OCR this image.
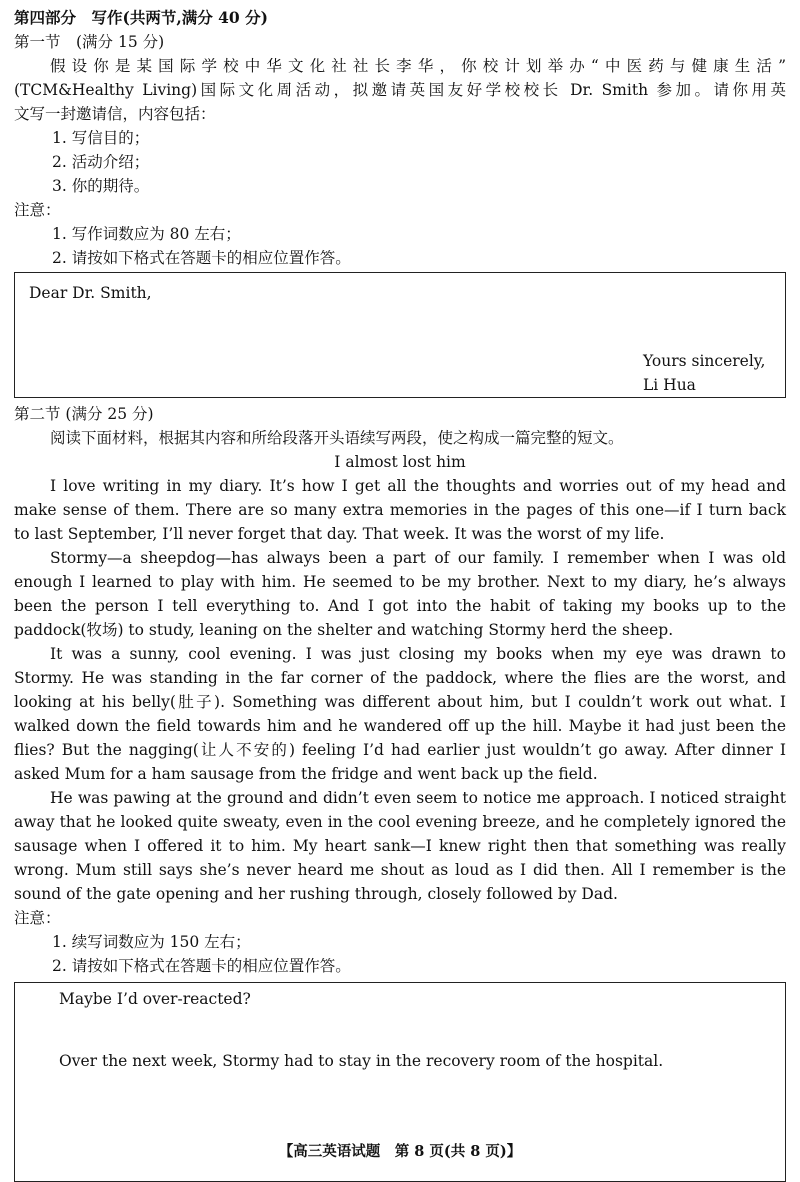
第四部分　写作(共两节,满分 40 分)
第一节　(满分 15 分)
假设你是某国际学校中华文化社社长李华，你校计划举办“中医药与健康生活”
(TCM&Healthy Living)国际文化周活动，拟邀请英国友好学校校长 Dr. Smith 参加。请你用英
文写一封邀请信，内容包括：
1. 写信目的；
2. 活动介绍；
3. 你的期待。
注意：
1. 写作词数应为 80 左右；
2. 请按如下格式在答题卡的相应位置作答。
Dear Dr. Smith,
Yours sincerely,
Li Hua
第二节 (满分 25 分)
阅读下面材料，根据其内容和所给段落开头语续写两段，使之构成一篇完整的短文。
I almost lost him
I love writing in my diary. It’s how I get all the thoughts and worries out of my head and
make sense of them. There are so many extra memories in the pages of this one—if I turn back
to last September, I’ll never forget that day. That week. It was the worst of my life.
Stormy—a sheepdog—has always been a part of our family. I remember when I was old
enough I learned to play with him. He seemed to be my brother. Next to my diary, he’s always
been the person I tell everything to. And I got into the habit of taking my books up to the
paddock(牧场) to study, leaning on the shelter and watching Stormy herd the sheep.
It was a sunny, cool evening. I was just closing my books when my eye was drawn to
Stormy. He was standing in the far corner of the paddock, where the flies are the worst, and
looking at his belly(肚子). Something was different about him, but I couldn’t work out what. I
walked down the field towards him and he wandered off up the hill. Maybe it had just been the
flies? But the nagging(让人不安的) feeling I’d had earlier just wouldn’t go away. After dinner I
asked Mum for a ham sausage from the fridge and went back up the field.
He was pawing at the ground and didn’t even seem to notice me approach. I noticed straight
away that he looked quite sweaty, even in the cool evening breeze, and he completely ignored the
sausage when I offered it to him. My heart sank—I knew right then that something was really
wrong. Mum still says she’s never heard me shout as loud as I did then. All I remember is the
sound of the gate opening and her rushing through, closely followed by Dad.
注意：
1. 续写词数应为 150 左右；
2. 请按如下格式在答题卡的相应位置作答。
Maybe I’d over-reacted?
Over the next week, Stormy had to stay in the recovery room of the hospital.
【高三英语试题　第 8 页(共 8 页)】
